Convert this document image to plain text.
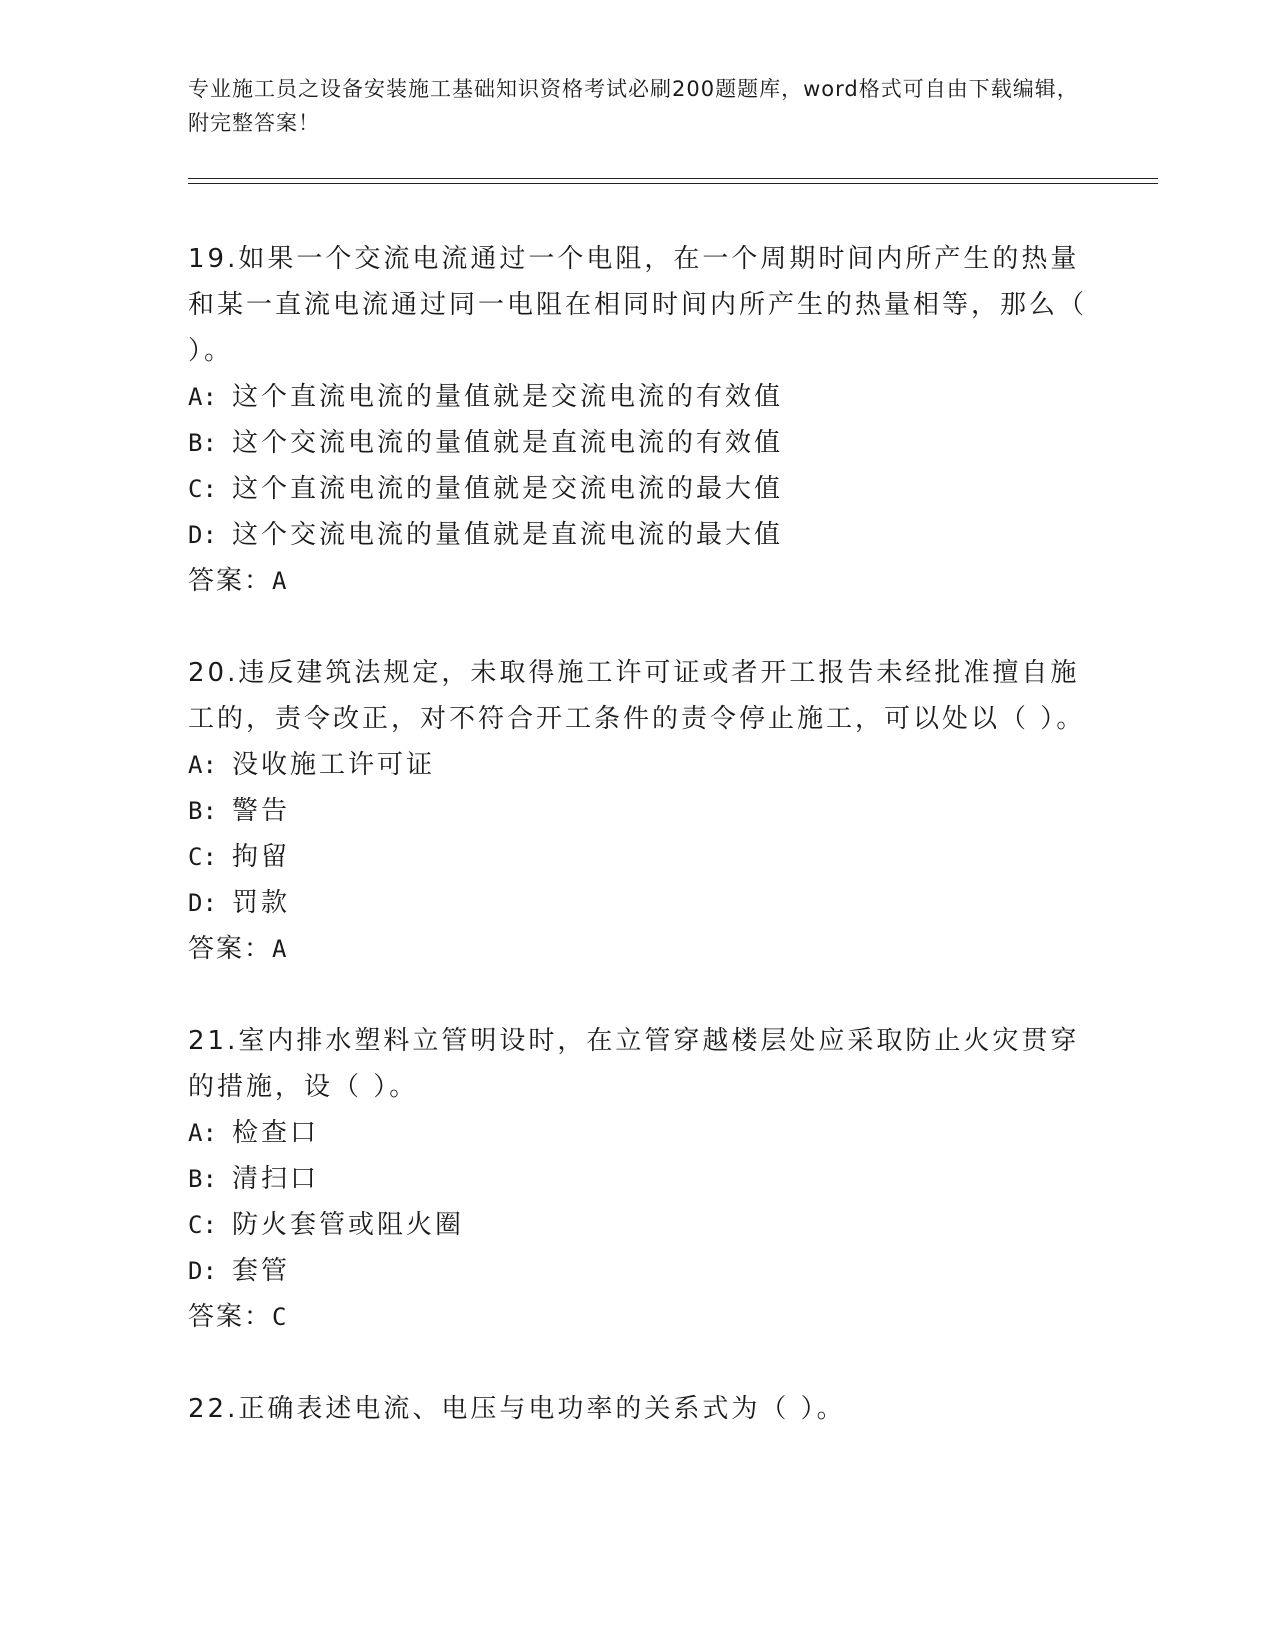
专业施工员之设备安装施工基础知识资格考试必刷200题题库，word格式可自由下载编辑，附完整答案！

19.如果一个交流电流通过一个电阻，在一个周期时间内所产生的热量和某一直流电流通过同一电阻在相同时间内所产生的热量相等，那么（ ）。

A: 这个直流电流的量值就是交流电流的有效值
B: 这个交流电流的量值就是直流电流的有效值
C: 这个直流电流的量值就是交流电流的最大值
D: 这个交流电流的量值就是直流电流的最大值
答案：A

20.违反建筑法规定，未取得施工许可证或者开工报告未经批准擅自施工的，责令改正，对不符合开工条件的责令停止施工，可以处以（ ）。

A: 没收施工许可证
B: 警告
C: 拘留
D: 罚款
答案：A

21.室内排水塑料立管明设时，在立管穿越楼层处应采取防止火灾贯穿的措施，设（ ）。

A: 检查口
B: 清扫口
C: 防火套管或阻火圈
D: 套管
答案：C

22.正确表述电流、电压与电功率的关系式为（ ）。
